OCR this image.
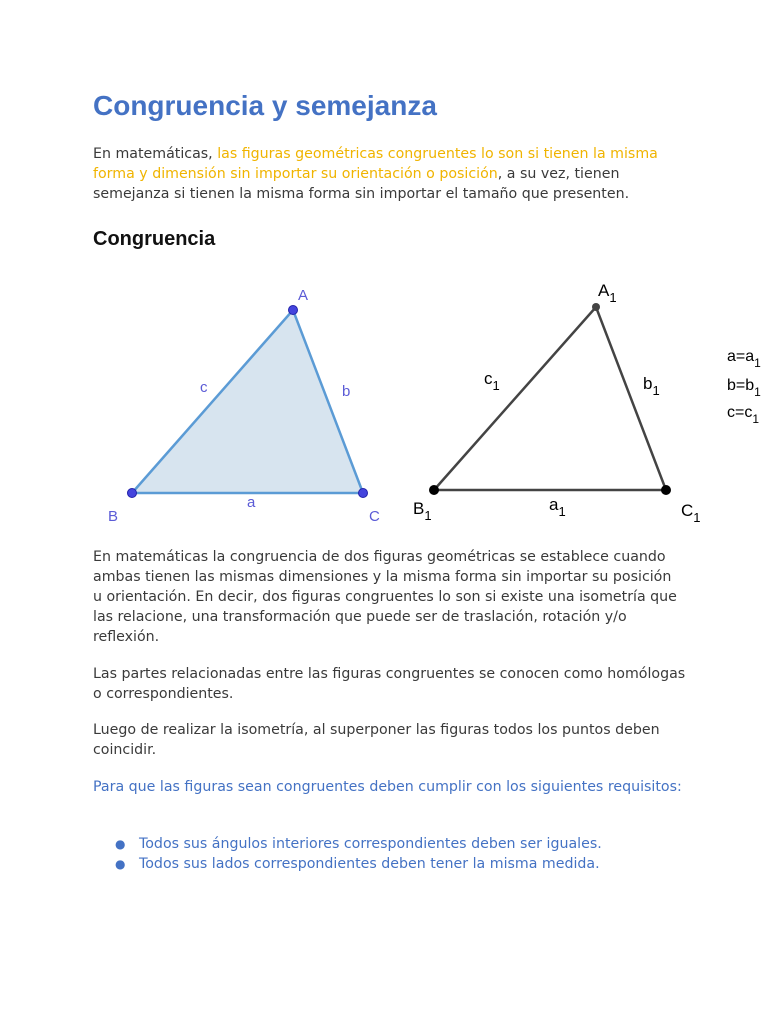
Congruencia y semejanza

En matemáticas, las figuras geométricas congruentes lo son si tienen la misma forma y dimensión sin importar su orientación o posición, a su vez, tienen semejanza si tienen la misma forma sin importar el tamaño que presenten.

Congruencia

En matemáticas la congruencia de dos figuras geométricas se establece cuando ambas tienen las mismas dimensiones y la misma forma sin importar su posición u orientación. En decir, dos figuras congruentes lo son si existe una isometría que las relacione, una transformación que puede ser de traslación, rotación y/o reflexión.

Las partes relacionadas entre las figuras congruentes se conocen como homólogas o correspondientes.

Luego de realizar la isometría, al superponer las figuras todos los puntos deben coincidir.

Para que las figuras sean congruentes deben cumplir con los siguientes requisitos:

A
B	C
a
b
c
$A_1$
$B_1$	$C_1$
$a_1$
$b_1$
$c_1$
$a=a_1$
$b=b_1$
$c=c_1$
● Todos sus ángulos interiores correspondientes deben ser iguales.
● Todos sus lados correspondientes deben tener la misma medida.
